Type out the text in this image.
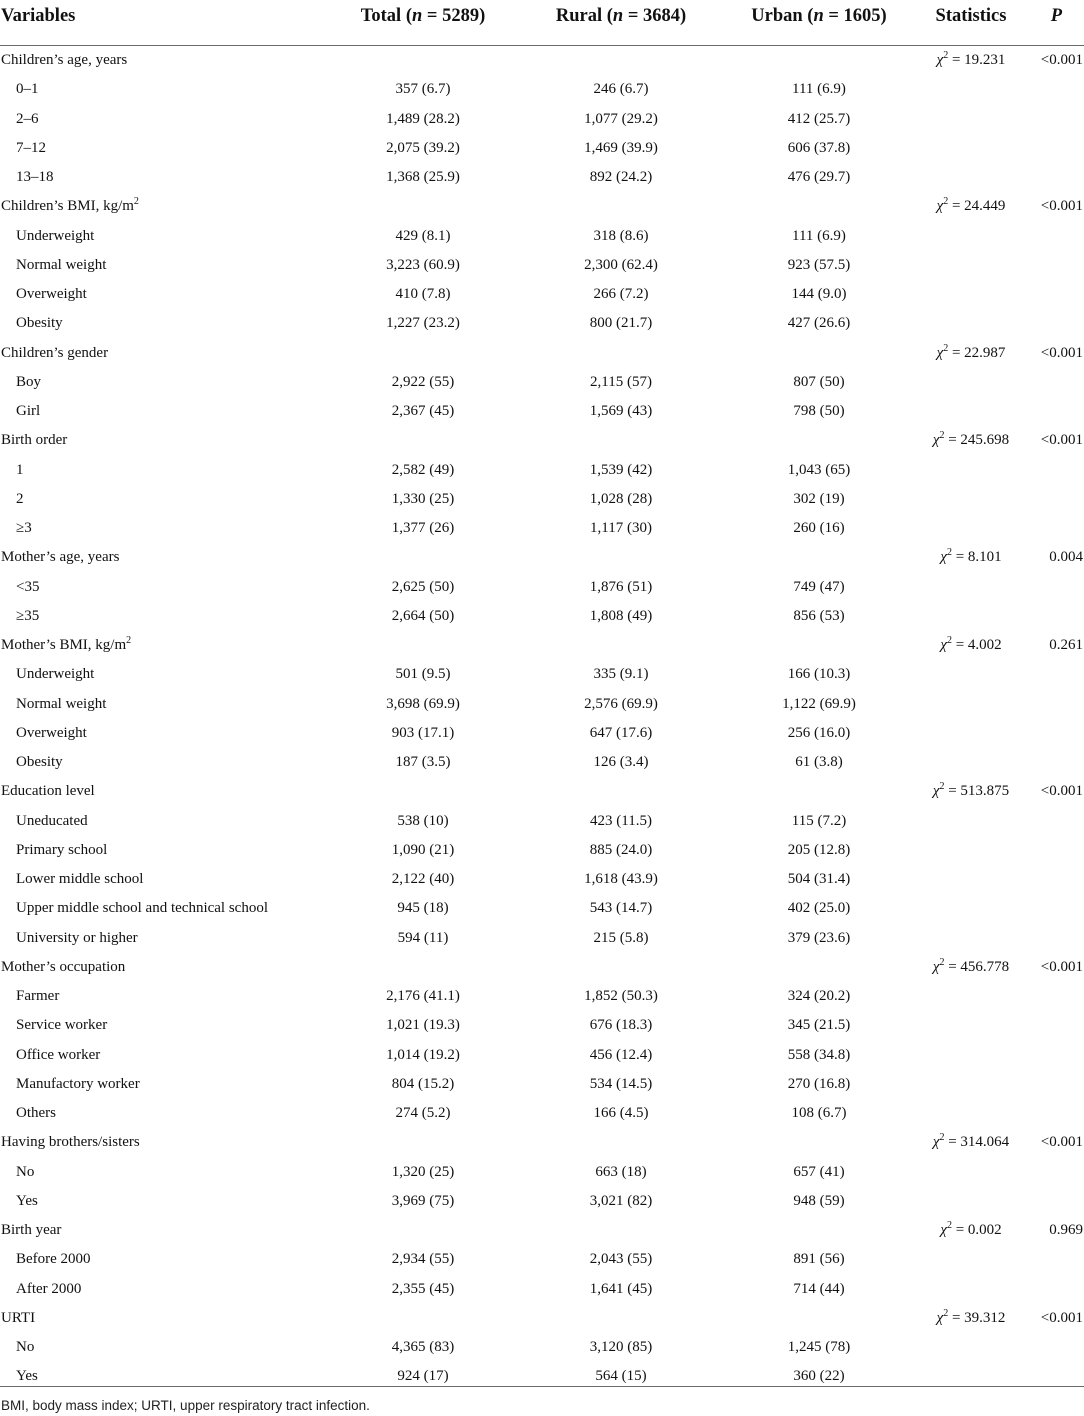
Variables	Total (n = 5289)	Rural (n = 3684)	Urban (n = 1605)	Statistics	P
Children’s age, years				$\chi^2 = 19.231$	<0.001
0–1	357 (6.7)	246 (6.7)	111 (6.9)		
2–6	1,489 (28.2)	1,077 (29.2)	412 (25.7)		
7–12	2,075 (39.2)	1,469 (39.9)	606 (37.8)		
13–18	1,368 (25.9)	892 (24.2)	476 (29.7)		
Children’s BMI, $kg/m^2$				$\chi^2 = 24.449$	<0.001
Underweight	429 (8.1)	318 (8.6)	111 (6.9)		
Normal weight	3,223 (60.9)	2,300 (62.4)	923 (57.5)		
Overweight	410 (7.8)	266 (7.2)	144 (9.0)		
Obesity	1,227 (23.2)	800 (21.7)	427 (26.6)		
Children’s gender				$\chi^2 = 22.987$	<0.001
Boy	2,922 (55)	2,115 (57)	807 (50)		
Girl	2,367 (45)	1,569 (43)	798 (50)		
Birth order				$\chi^2 = 245.698$	<0.001
1	2,582 (49)	1,539 (42)	1,043 (65)		
2	1,330 (25)	1,028 (28)	302 (19)		
≥3	1,377 (26)	1,117 (30)	260 (16)		
Mother’s age, years				$\chi^2 = 8.101$	0.004
<35	2,625 (50)	1,876 (51)	749 (47)		
≥35	2,664 (50)	1,808 (49)	856 (53)		
Mother’s BMI, $kg/m^2$				$\chi^2 = 4.002$	0.261
Underweight	501 (9.5)	335 (9.1)	166 (10.3)		
Normal weight	3,698 (69.9)	2,576 (69.9)	1,122 (69.9)		
Overweight	903 (17.1)	647 (17.6)	256 (16.0)		
Obesity	187 (3.5)	126 (3.4)	61 (3.8)		
Education level				$\chi^2 = 513.875$	<0.001
Uneducated	538 (10)	423 (11.5)	115 (7.2)		
Primary school	1,090 (21)	885 (24.0)	205 (12.8)		
Lower middle school	2,122 (40)	1,618 (43.9)	504 (31.4)		
Upper middle school and technical school	945 (18)	543 (14.7)	402 (25.0)		
University or higher	594 (11)	215 (5.8)	379 (23.6)		
Mother’s occupation				$\chi^2 = 456.778$	<0.001
Farmer	2,176 (41.1)	1,852 (50.3)	324 (20.2)		
Service worker	1,021 (19.3)	676 (18.3)	345 (21.5)		
Office worker	1,014 (19.2)	456 (12.4)	558 (34.8)		
Manufactory worker	804 (15.2)	534 (14.5)	270 (16.8)		
Others	274 (5.2)	166 (4.5)	108 (6.7)		
Having brothers/sisters				$\chi^2 = 314.064$	<0.001
No	1,320 (25)	663 (18)	657 (41)		
Yes	3,969 (75)	3,021 (82)	948 (59)		
Birth year				$\chi^2 = 0.002$	0.969
Before 2000	2,934 (55)	2,043 (55)	891 (56)		
After 2000	2,355 (45)	1,641 (45)	714 (44)		
URTI				$\chi^2 = 39.312$	<0.001
No	4,365 (83)	3,120 (85)	1,245 (78)		
Yes	924 (17)	564 (15)	360 (22)		
BMI, body mass index; URTI, upper respiratory tract infection.
